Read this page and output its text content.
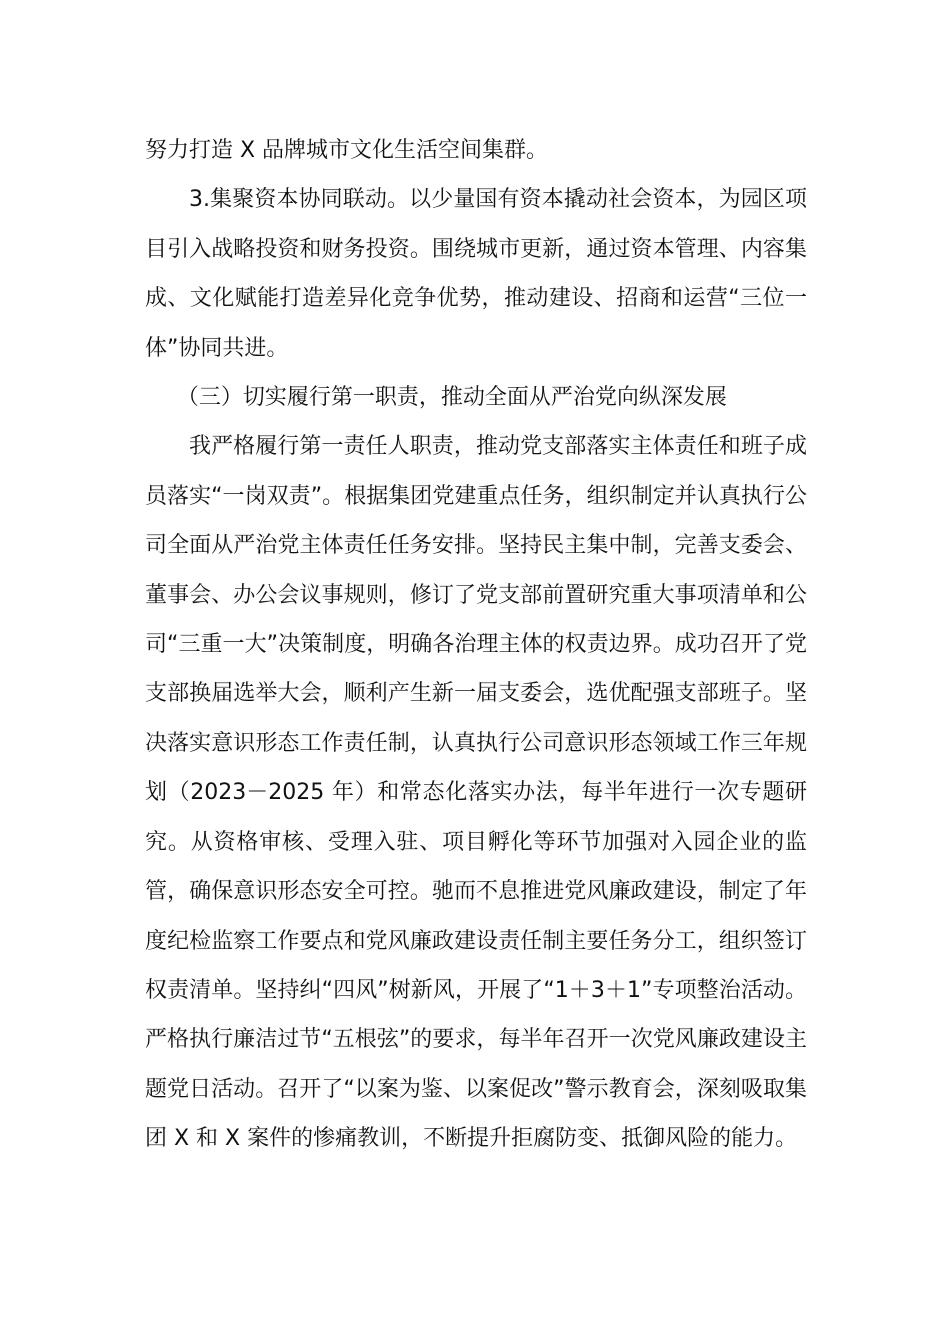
努力打造 X 品牌城市文化生活空间集群。

3.集聚资本协同联动。以少量国有资本撬动社会资本，为园区项目引入战略投资和财务投资。围绕城市更新，通过资本管理、内容集成、文化赋能打造差异化竞争优势，推动建设、招商和运营“三位一体”协同共进。

（三）切实履行第一职责，推动全面从严治党向纵深发展

我严格履行第一责任人职责，推动党支部落实主体责任和班子成员落实“一岗双责”。根据集团党建重点任务，组织制定并认真执行公司全面从严治党主体责任任务安排。坚持民主集中制，完善支委会、董事会、办公会议事规则，修订了党支部前置研究重大事项清单和公司“三重一大”决策制度，明确各治理主体的权责边界。成功召开了党支部换届选举大会，顺利产生新一届支委会，选优配强支部班子。坚决落实意识形态工作责任制，认真执行公司意识形态领域工作三年规划（2023－2025 年）和常态化落实办法，每半年进行一次专题研究。从资格审核、受理入驻、项目孵化等环节加强对入园企业的监管，确保意识形态安全可控。驰而不息推进党风廉政建设，制定了年度纪检监察工作要点和党风廉政建设责任制主要任务分工，组织签订权责清单。坚持纠“四风”树新风，开展了“1＋3＋1”专项整治活动。严格执行廉洁过节“五根弦”的要求，每半年召开一次党风廉政建设主题党日活动。召开了“以案为鉴、以案促改”警示教育会，深刻吸取集团 X 和 X 案件的惨痛教训，不断提升拒腐防变、抵御风险的能力。
